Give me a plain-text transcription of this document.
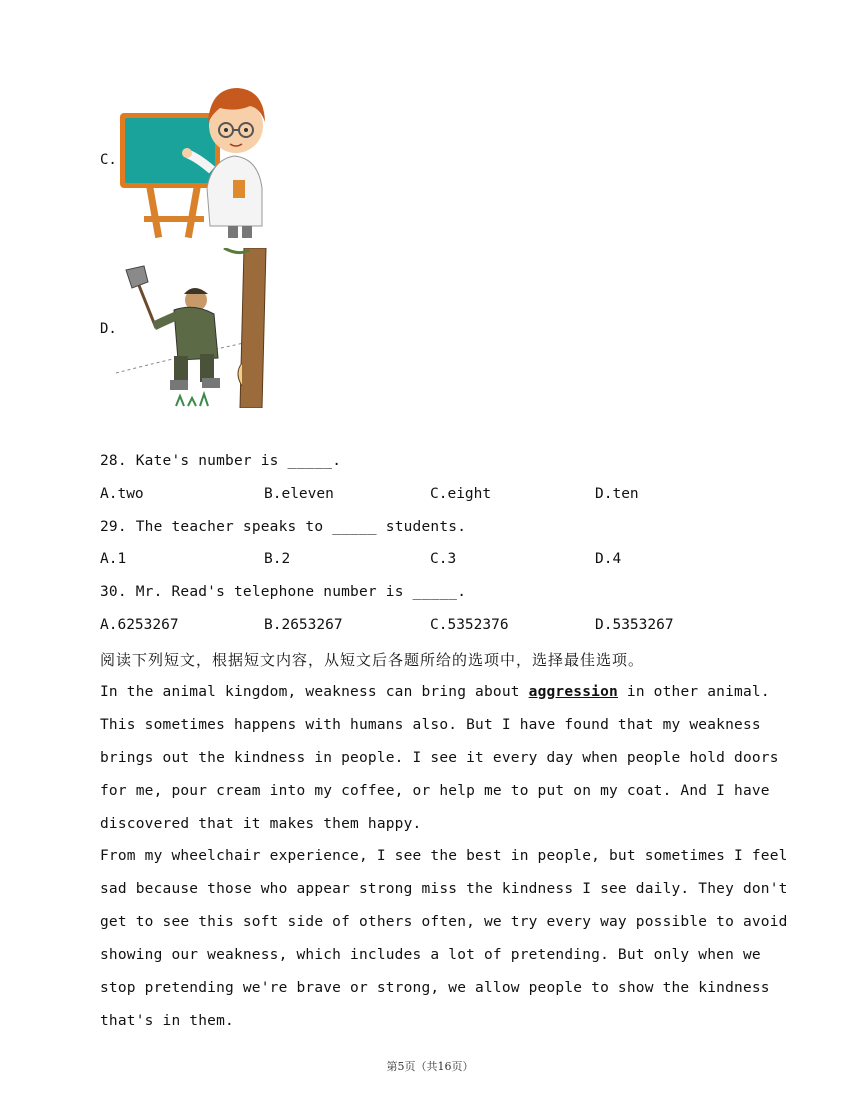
C.
D.
28. Kate's number is _____.
A.two	B.eleven	C.eight	D.ten
29. The teacher speaks to _____ students.
A.1	B.2	C.3	D.4
30. Mr. Read's telephone number is _____.
A.6253267	B.2653267	C.5352376	D.5353267
阅读下列短文，根据短文内容，从短文后各题所给的选项中，选择最佳选项。
In the animal kingdom, weakness can bring about aggression in other animal.
This sometimes happens with humans also. But I have found that my weakness
brings out the kindness in people. I see it every day when people hold doors
for me, pour cream into my coffee, or help me to put on my coat. And I have
discovered that it makes them happy.
From my wheelchair experience, I see the best in people, but sometimes I feel
sad because those who appear strong miss the kindness I see daily. They don't
get to see this soft side of others often, we try every way possible to avoid
showing our weakness, which includes a lot of pretending. But only when we
stop pretending we're brave or strong, we allow people to show the kindness
that's in them.
第5页（共16页）
